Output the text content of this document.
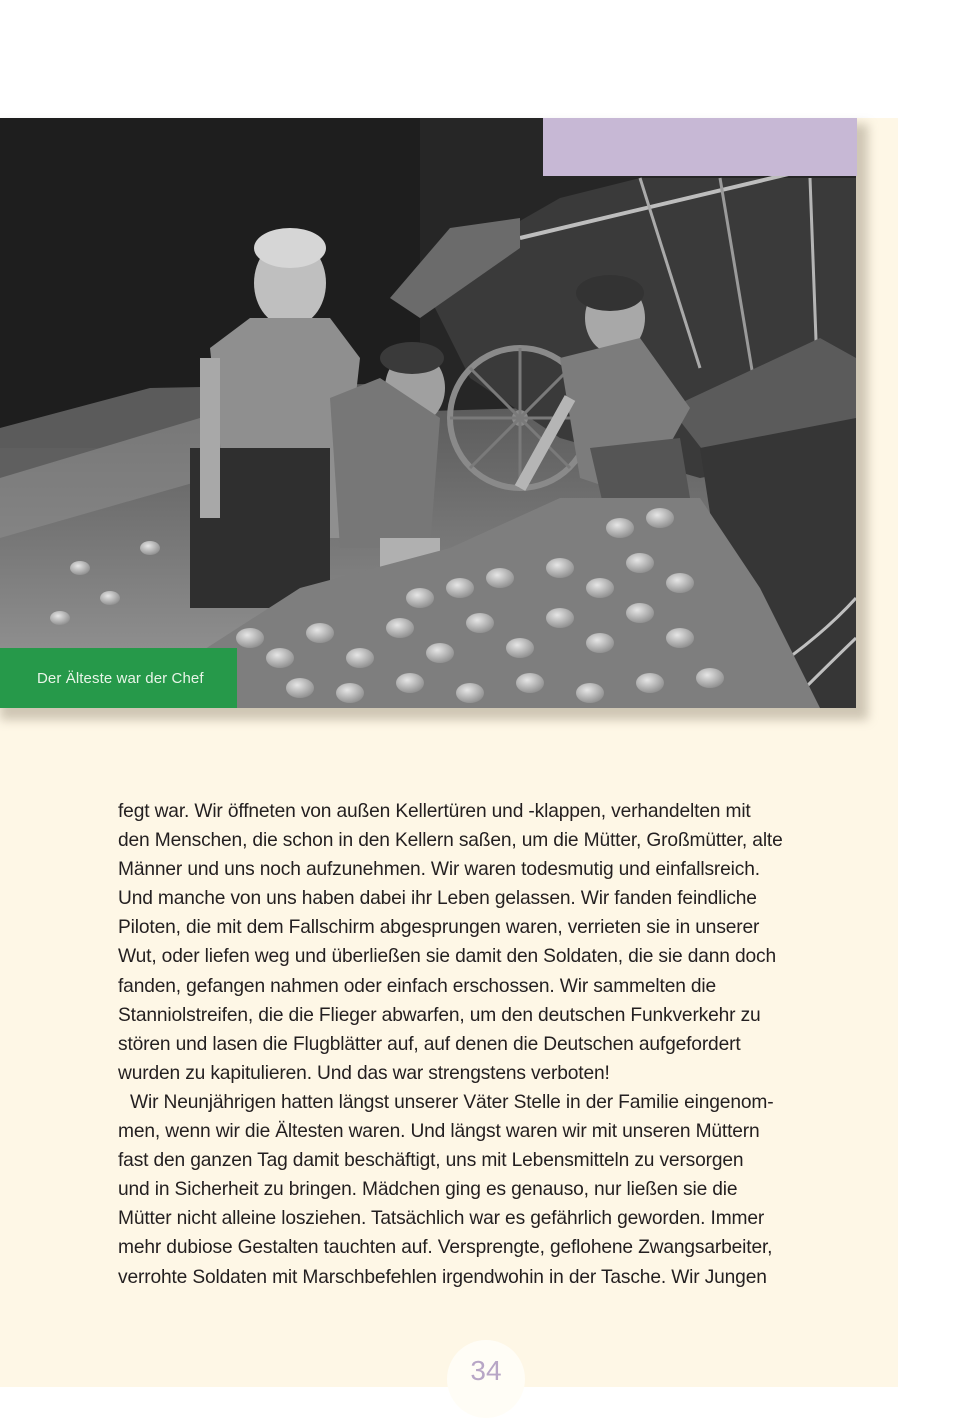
Der Älteste war der Chef
fegt war. Wir öffneten von außen Kellertüren und -klappen, verhandelten mit
den Menschen, die schon in den Kellern saßen, um die Mütter, Großmütter, alte
Männer und uns noch aufzunehmen. Wir waren todesmutig und einfallsreich.
Und manche von uns haben dabei ihr Leben gelassen. Wir fanden feindliche
Piloten, die mit dem Fallschirm abgesprungen waren, verrieten sie in unserer
Wut, oder liefen weg und überließen sie damit den Soldaten, die sie dann doch
fanden, gefangen nahmen oder einfach erschossen. Wir sammelten die
Stanniolstreifen, die die Flieger abwarfen, um den deutschen Funkverkehr zu
stören und lasen die Flugblätter auf, auf denen die Deutschen aufgefordert
wurden zu kapitulieren. Und das war strengstens verboten!
Wir Neunjährigen hatten längst unserer Väter Stelle in der Familie eingenom-
men, wenn wir die Ältesten waren. Und längst waren wir mit unseren Müttern
fast den ganzen Tag damit beschäftigt, uns mit Lebensmitteln zu versorgen
und in Sicherheit zu bringen. Mädchen ging es genauso, nur ließen sie die
Mütter nicht alleine losziehen. Tatsächlich war es gefährlich geworden. Immer
mehr dubiose Gestalten tauchten auf. Versprengte, geflohene Zwangsarbeiter,
verrohte Soldaten mit Marschbefehlen irgendwohin in der Tasche. Wir Jungen
34
